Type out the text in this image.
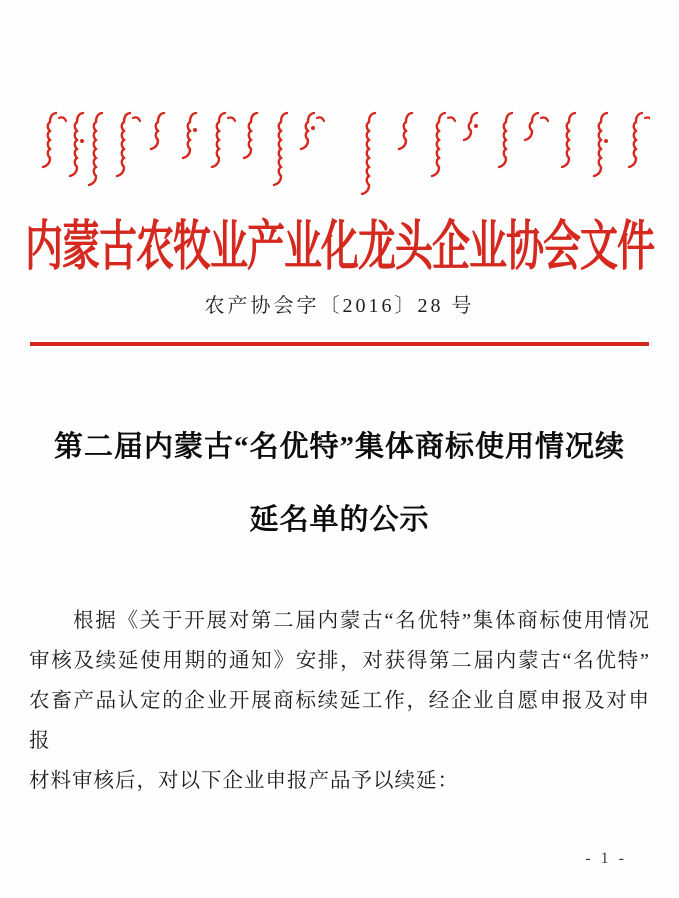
内蒙古农牧业产业化龙头企业协会文件
农产协会字〔2016〕28 号
第二届内蒙古“名优特”集体商标使用情况续
延名单的公示
根据《关于开展对第二届内蒙古“名优特”集体商标使用情况
审核及续延使用期的通知》安排，对获得第二届内蒙古“名优特”
农畜产品认定的企业开展商标续延工作，经企业自愿申报及对申报
材料审核后，对以下企业申报产品予以续延：
- 1 -
